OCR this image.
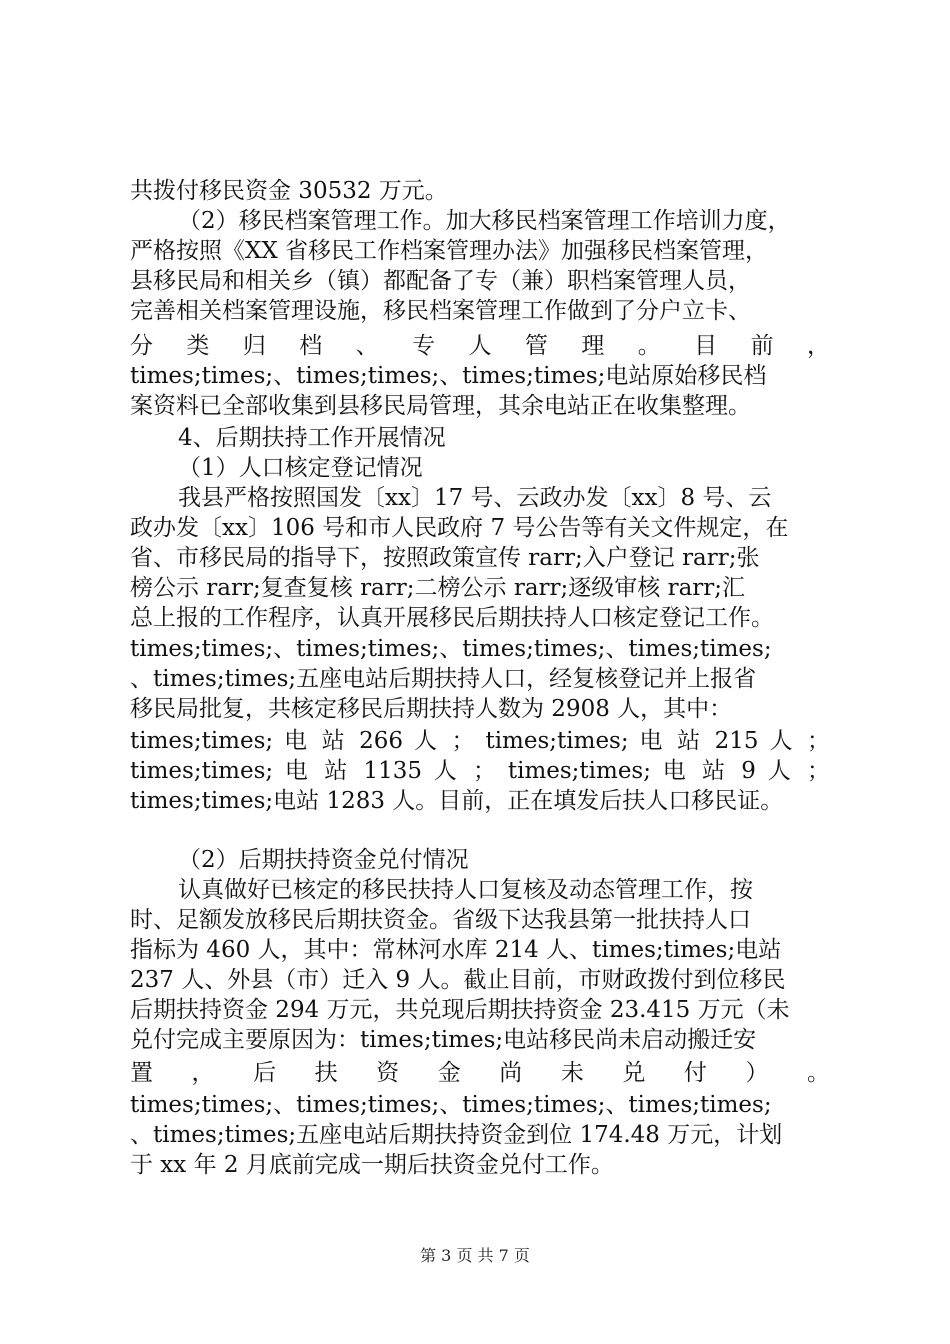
共拨付移民资金 30532 万元。
（2）移民档案管理工作。加大移民档案管理工作培训力度，
严格按照《XX 省移民工作档案管理办法》加强移民档案管理，
县移民局和相关乡（镇）都配备了专（兼）职档案管理人员，
完善相关档案管理设施，移民档案管理工作做到了分户立卡、
分 类 归 档 、 专 人 管 理 。 目 前 ，
times;times;、times;times;、times;times;电站原始移民档
案资料已全部收集到县移民局管理，其余电站正在收集整理。
4、后期扶持工作开展情况
（1）人口核定登记情况
我县严格按照国发〔xx〕17 号、云政办发〔xx〕8 号、云
政办发〔xx〕106 号和市人民政府 7 号公告等有关文件规定，在
省、市移民局的指导下，按照政策宣传 rarr;入户登记 rarr;张
榜公示 rarr;复查复核 rarr;二榜公示 rarr;逐级审核 rarr;汇
总上报的工作程序，认真开展移民后期扶持人口核定登记工作。
times;times;、times;times;、times;times;、times;times;
、times;times;五座电站后期扶持人口，经复核登记并上报省
移民局批复，共核定移民后期扶持人数为 2908 人，其中：
times;times; 电 站 266 人 ； times;times; 电 站 215 人 ；
times;times; 电 站 1135 人 ； times;times; 电 站 9 人 ；
times;times;电站 1283 人。目前，正在填发后扶人口移民证。
（2）后期扶持资金兑付情况
认真做好已核定的移民扶持人口复核及动态管理工作，按
时、足额发放移民后期扶资金。省级下达我县第一批扶持人口
指标为 460 人，其中：常林河水库 214 人、times;times;电站
237 人、外县（市）迁入 9 人。截止目前，市财政拨付到位移民
后期扶持资金 294 万元，共兑现后期扶持资金 23.415 万元（未
兑付完成主要原因为：times;times;电站移民尚未启动搬迁安
置 ， 后 扶 资 金 尚 未 兑 付 ） 。
times;times;、times;times;、times;times;、times;times;
、times;times;五座电站后期扶持资金到位 174.48 万元，计划
于 xx 年 2 月底前完成一期后扶资金兑付工作。
第 3 页 共 7 页
